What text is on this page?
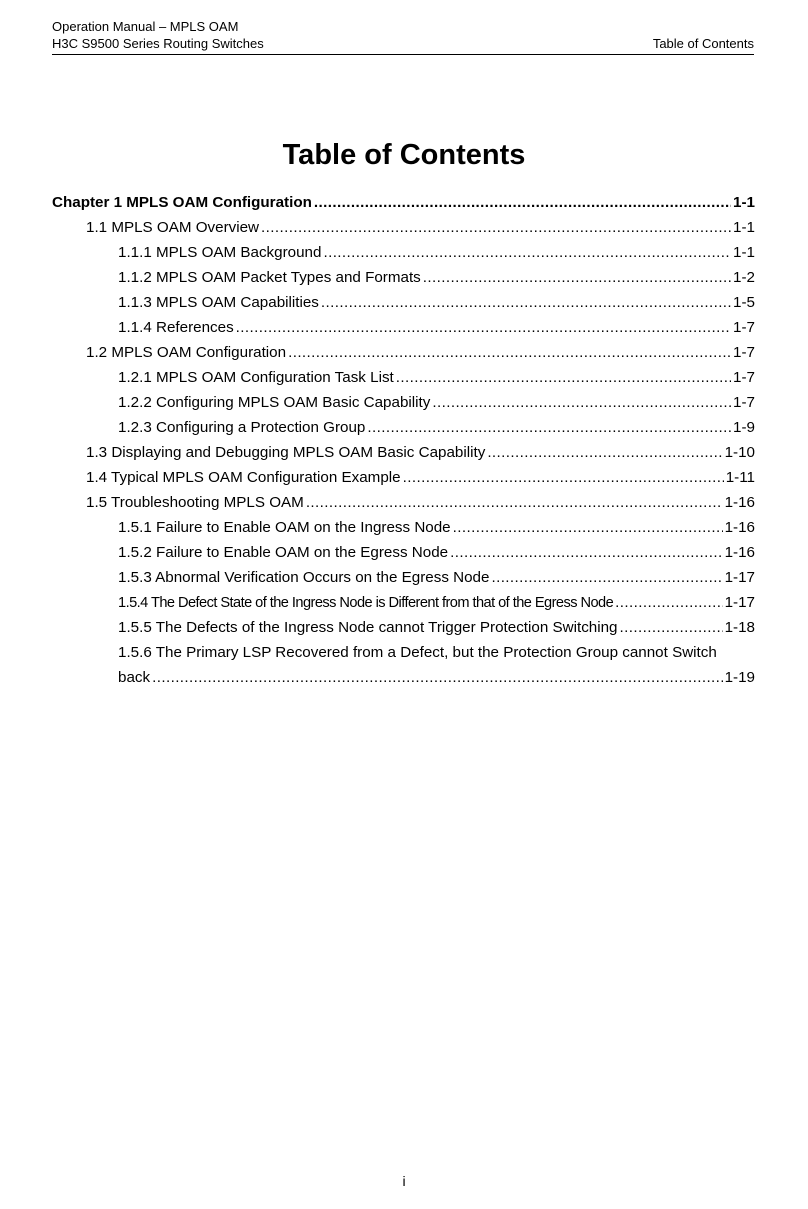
Operation Manual – MPLS OAM
H3C S9500 Series Routing Switches	Table of Contents
Table of Contents
Chapter 1 MPLS OAM Configuration .....	1-1
1.1 MPLS OAM Overview .....	1-1
1.1.1 MPLS OAM Background .....	1-1
1.1.2 MPLS OAM Packet Types and Formats .....	1-2
1.1.3 MPLS OAM Capabilities .....	1-5
1.1.4 References .....	1-7
1.2 MPLS OAM Configuration .....	1-7
1.2.1 MPLS OAM Configuration Task List .....	1-7
1.2.2 Configuring MPLS OAM Basic Capability .....	1-7
1.2.3 Configuring a Protection Group .....	1-9
1.3 Displaying and Debugging MPLS OAM Basic Capability .....	1-10
1.4 Typical MPLS OAM Configuration Example .....	1-11
1.5 Troubleshooting MPLS OAM .....	1-16
1.5.1 Failure to Enable OAM on the Ingress Node .....	1-16
1.5.2 Failure to Enable OAM on the Egress Node .....	1-16
1.5.3 Abnormal Verification Occurs on the Egress Node .....	1-17
1.5.4 The Defect State of the Ingress Node is Different from that of the Egress Node .....	1-17
1.5.5 The Defects of the Ingress Node cannot Trigger Protection Switching .....	1-18
1.5.6 The Primary LSP Recovered from a Defect, but the Protection Group cannot Switch
back .....	1-19
i
